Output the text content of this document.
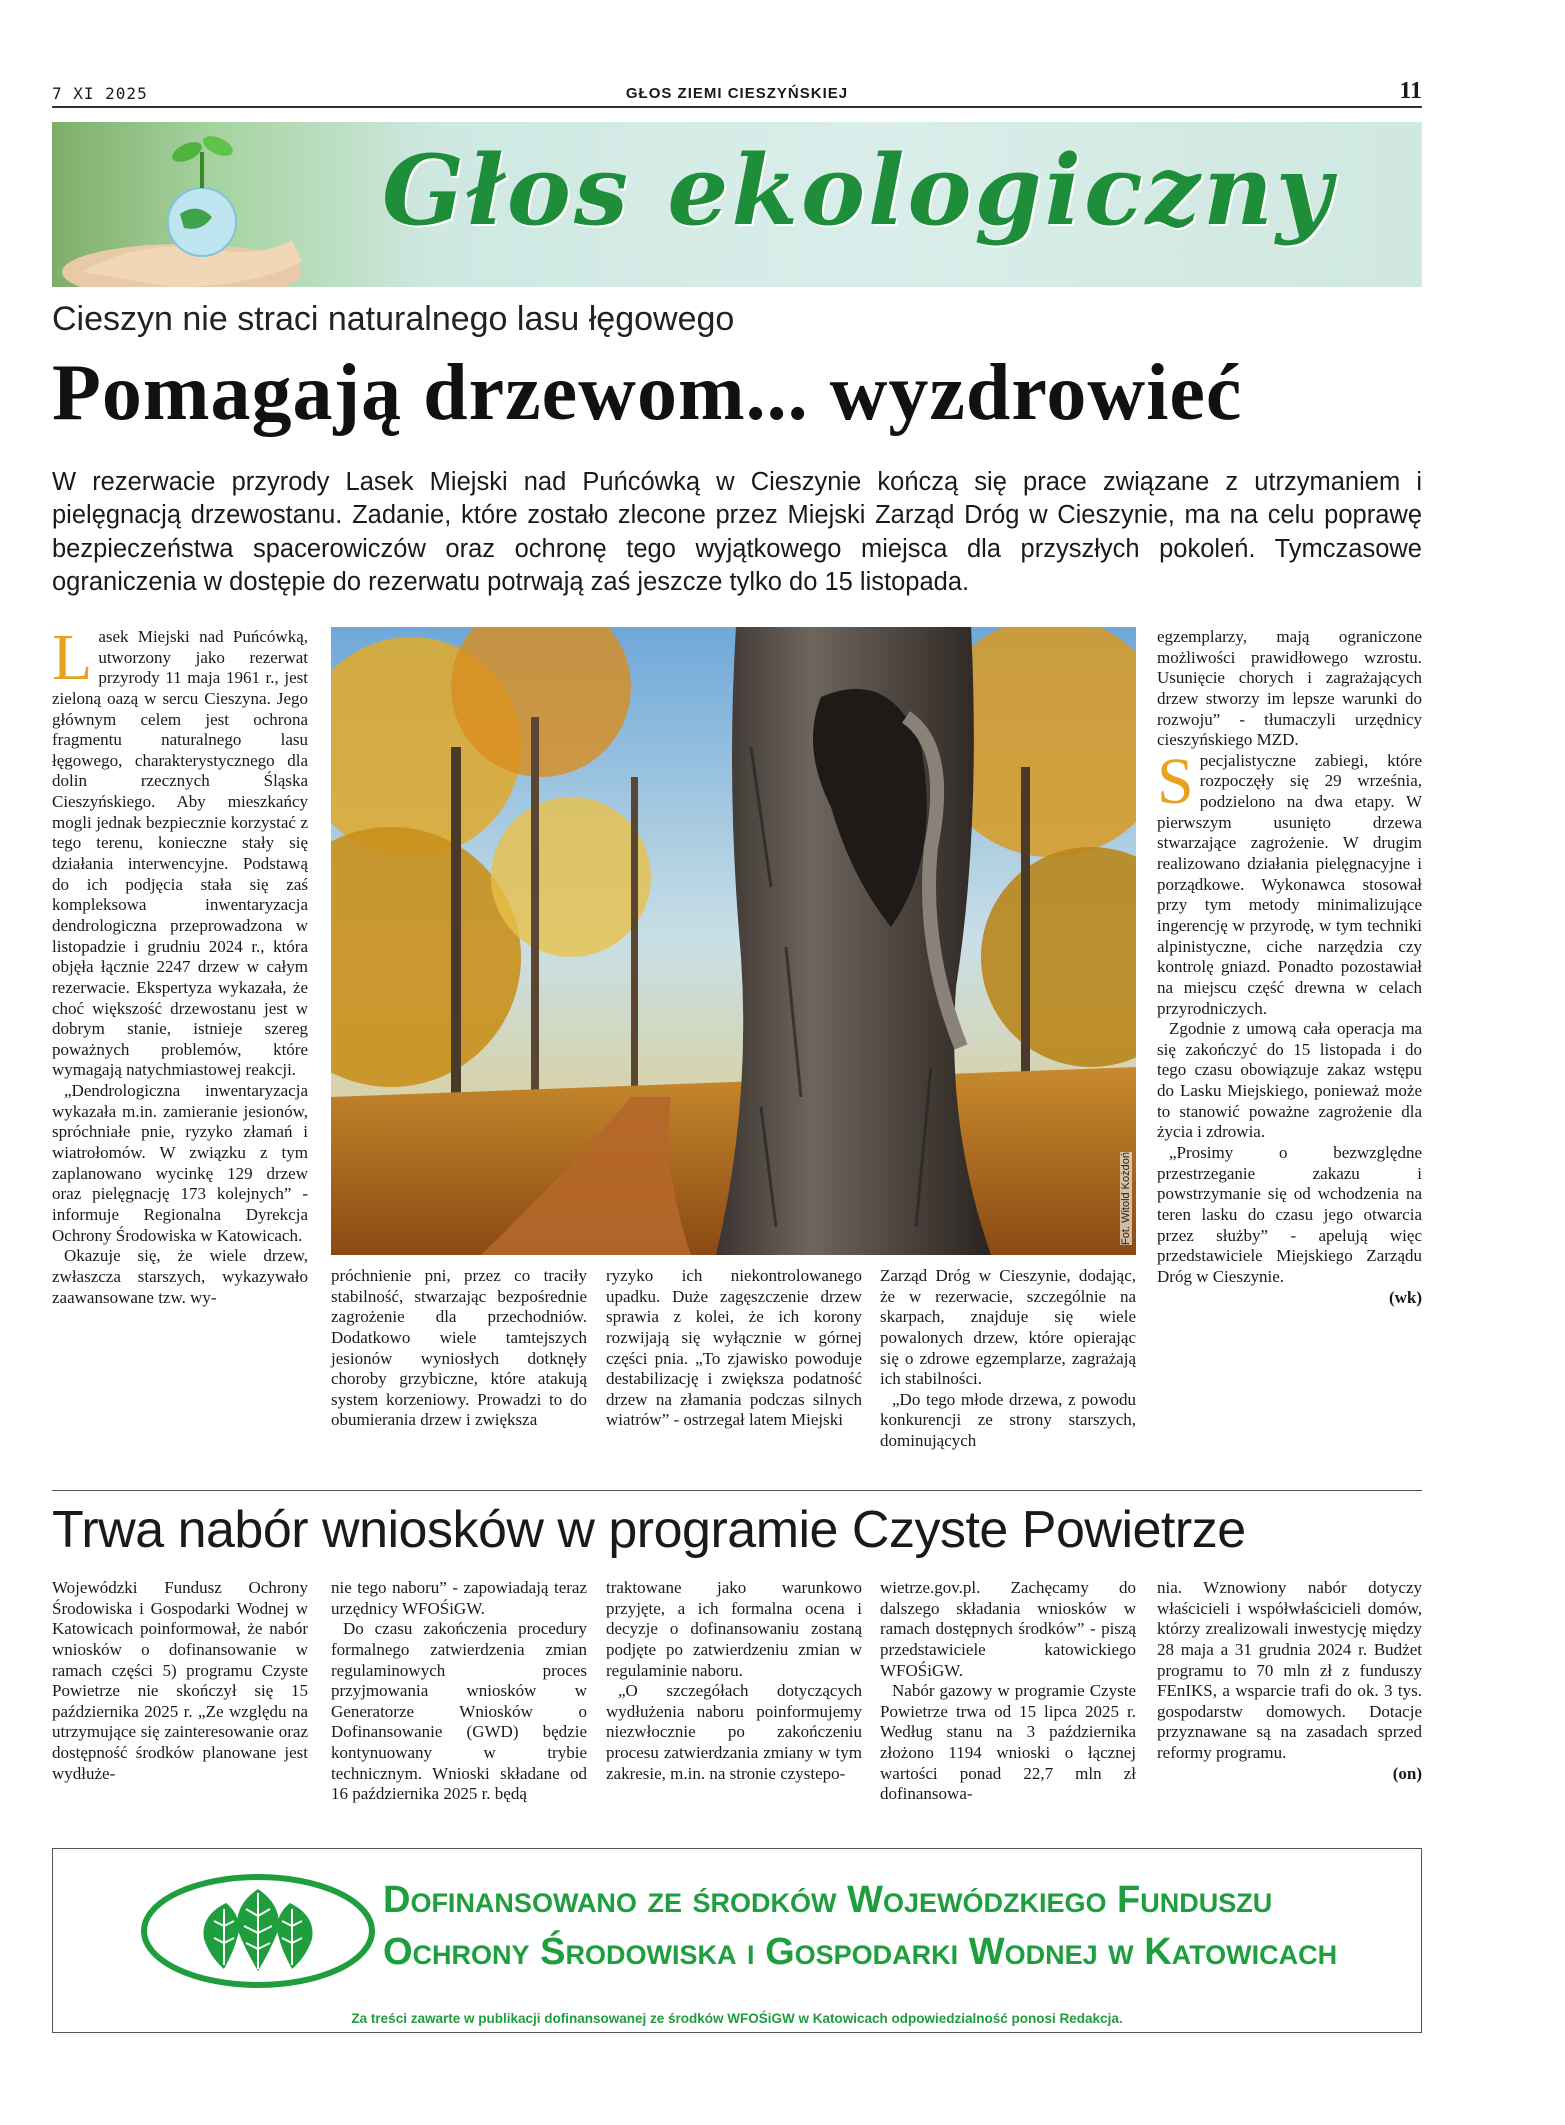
7 XI 2025	GŁOS ZIEMI CIESZYŃSKIEJ	11
Głos ekologiczny
Cieszyn nie straci naturalnego lasu łęgowego
Pomagają drzewom... wyzdrowieć
W rezerwacie przyrody Lasek Miejski nad Puńcówką w Cieszynie kończą się prace związane z utrzymaniem i pielęgnacją drzewostanu. Zadanie, które zostało zlecone przez Miejski Zarząd Dróg w Cieszynie, ma na celu poprawę bezpieczeństwa spacerowiczów oraz ochronę tego wyjątkowego miejsca dla przyszłych pokoleń. Tymczasowe ograniczenia w dostępie do rezerwatu potrwają zaś jeszcze tylko do 15 listopada.

Lasek Miejski nad Puńcówką, utworzony jako rezerwat przyrody 11 maja 1961 r., jest zieloną oazą w sercu Cieszyna. Jego głównym celem jest ochrona fragmentu naturalnego lasu łęgowego, charakterystycznego dla dolin rzecznych Śląska Cieszyńskiego. Aby mieszkańcy mogli jednak bezpiecznie korzystać z tego terenu, konieczne stały się działania interwencyjne. Podstawą do ich podjęcia stała się zaś kompleksowa inwentaryzacja dendrologiczna przeprowadzona w listopadzie i grudniu 2024 r., która objęła łącznie 2247 drzew w całym rezerwacie. Ekspertyza wykazała, że choć większość drzewostanu jest w dobrym stanie, istnieje szereg poważnych problemów, które wymagają natychmiastowej reakcji.

„Dendrologiczna inwentaryzacja wykazała m.in. zamieranie jesionów, spróchniałe pnie, ryzyko złamań i wiatrołomów. W związku z tym zaplanowano wycinkę 129 drzew oraz pielęgnację 173 kolejnych” - informuje Regionalna Dyrekcja Ochrony Środowiska w Katowicach.

Okazuje się, że wiele drzew, zwłaszcza starszych, wykazywało zaawansowane tzw. wy-

Fot. Witold Kożdoń

próchnienie pni, przez co traciły stabilność, stwarzając bezpośrednie zagrożenie dla przechodniów. Dodatkowo wiele tamtejszych jesionów wyniosłych dotknęły choroby grzybiczne, które atakują system korzeniowy. Prowadzi to do obumierania drzew i zwiększa

ryzyko ich niekontrolowanego upadku. Duże zagęszczenie drzew sprawia z kolei, że ich korony rozwijają się wyłącznie w górnej części pnia. „To zjawisko powoduje destabilizację i zwiększa podatność drzew na złamania podczas silnych wiatrów” - ostrzegał latem Miejski

Zarząd Dróg w Cieszynie, dodając, że w rezerwacie, szczególnie na skarpach, znajduje się wiele powalonych drzew, które opierając się o zdrowe egzemplarze, zagrażają ich stabilności.

„Do tego młode drzewa, z powodu konkurencji ze strony starszych, dominujących

egzemplarzy, mają ograniczone możliwości prawidłowego wzrostu. Usunięcie chorych i zagrażających drzew stworzy im lepsze warunki do rozwoju” - tłumaczyli urzędnicy cieszyńskiego MZD.

Specjalistyczne zabiegi, które rozpoczęły się 29 września, podzielono na dwa etapy. W pierwszym usunięto drzewa stwarzające zagrożenie. W drugim realizowano działania pielęgnacyjne i porządkowe. Wykonawca stosował przy tym metody minimalizujące ingerencję w przyrodę, w tym techniki alpinistyczne, ciche narzędzia czy kontrolę gniazd. Ponadto pozostawiał na miejscu część drewna w celach przyrodniczych.

Zgodnie z umową cała operacja ma się zakończyć do 15 listopada i do tego czasu obowiązuje zakaz wstępu do Lasku Miejskiego, ponieważ może to stanowić poważne zagrożenie dla życia i zdrowia.

„Prosimy o bezwzględne przestrzeganie zakazu i powstrzymanie się od wchodzenia na teren lasku do czasu jego otwarcia przez służby” - apelują więc przedstawiciele Miejskiego Zarządu Dróg w Cieszynie.

(wk)
Trwa nabór wniosków w programie Czyste Powietrze

Wojewódzki Fundusz Ochrony Środowiska i Gospodarki Wodnej w Katowicach poinformował, że nabór wniosków o dofinansowanie w ramach części 5) programu Czyste Powietrze nie skończył się 15 października 2025 r. „Ze względu na utrzymujące się zainteresowanie oraz dostępność środków planowane jest wydłuże-

nie tego naboru” - zapowiadają teraz urzędnicy WFOŚiGW.

Do czasu zakończenia procedury formalnego zatwierdzenia zmian regulaminowych proces przyjmowania wniosków w Generatorze Wniosków o Dofinansowanie (GWD) będzie kontynuowany w trybie technicznym. Wnioski składane od 16 października 2025 r. będą

traktowane jako warunkowo przyjęte, a ich formalna ocena i decyzje o dofinansowaniu zostaną podjęte po zatwierdzeniu zmian w regulaminie naboru.

„O szczegółach dotyczących wydłużenia naboru poinformujemy niezwłocznie po zakończeniu procesu zatwierdzania zmiany w tym zakresie, m.in. na stronie czystepo-

wietrze.gov.pl. Zachęcamy do dalszego składania wniosków w ramach dostępnych środków” - piszą przedstawiciele katowickiego WFOŚiGW.

Nabór gazowy w programie Czyste Powietrze trwa od 15 lipca 2025 r. Według stanu na 3 października złożono 1194 wnioski o łącznej wartości ponad 22,7 mln zł dofinansowa-

nia. Wznowiony nabór dotyczy właścicieli i współwłaścicieli domów, którzy zrealizowali inwestycję między 28 maja a 31 grudnia 2024 r. Budżet programu to 70 mln zł z funduszy FEnIKS, a wsparcie trafi do ok. 3 tys. gospodarstw domowych. Dotacje przyznawane są na zasadach sprzed reformy programu.

(on)
Dofinansowano ze środków Wojewódzkiego Funduszu
Ochrony Środowiska i Gospodarki Wodnej w Katowicach
Za treści zawarte w publikacji dofinansowanej ze środków WFOŚiGW w Katowicach odpowiedzialność ponosi Redakcja.
